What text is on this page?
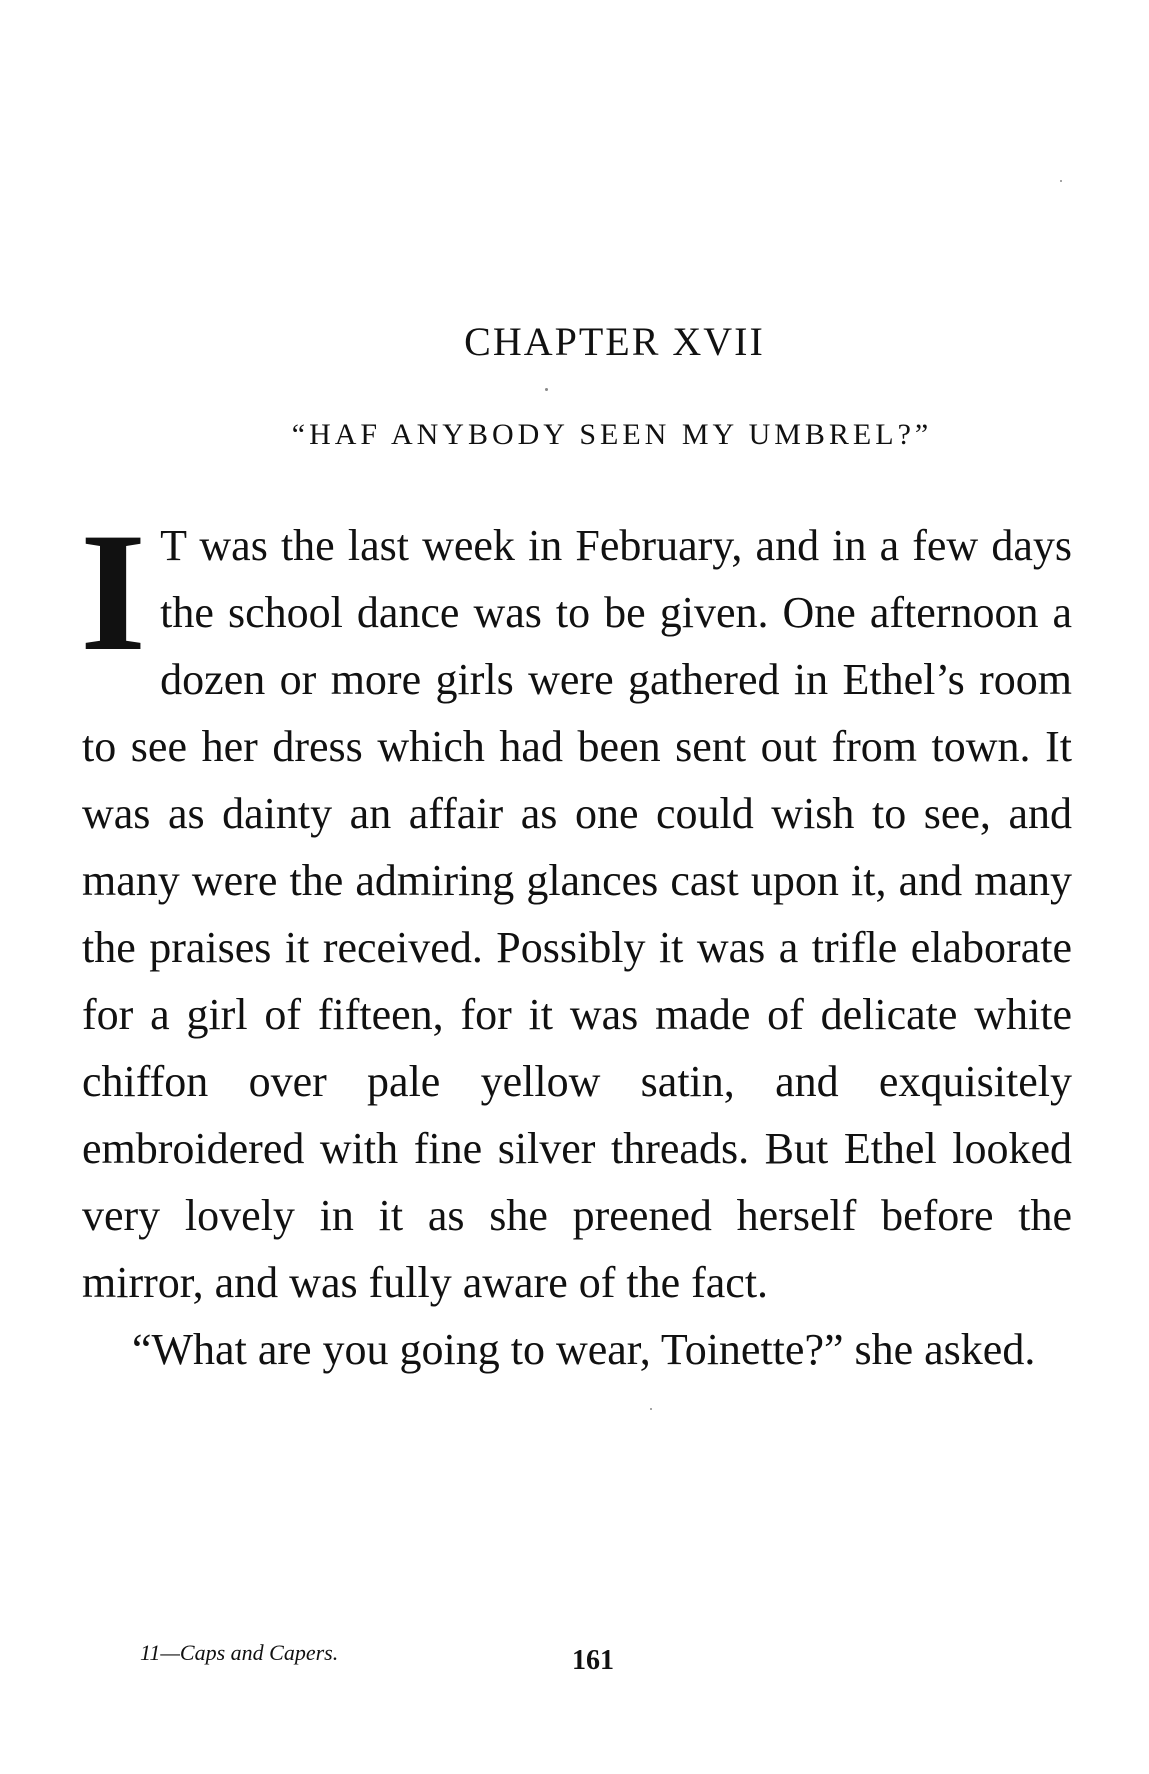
CHAPTER XVII
“HAF ANYBODY SEEN MY UMBREL?”

I T was the last week in February, and in a few days the school dance was to be given. One afternoon a dozen or more girls were gathered in Ethel’s room to see her dress which had been sent out from town. It was as dainty an affair as one could wish to see, and many were the admiring glances cast upon it, and many the praises it received. Possibly it was a trifle elaborate for a girl of fifteen, for it was made of delicate white chiffon over pale yellow satin, and exquisitely embroidered with fine silver threads. But Ethel looked very lovely in it as she preened herself before the mirror, and was fully aware of the fact.

“What are you going to wear, Toinette?” she asked.

11—Caps and Capers.	161
